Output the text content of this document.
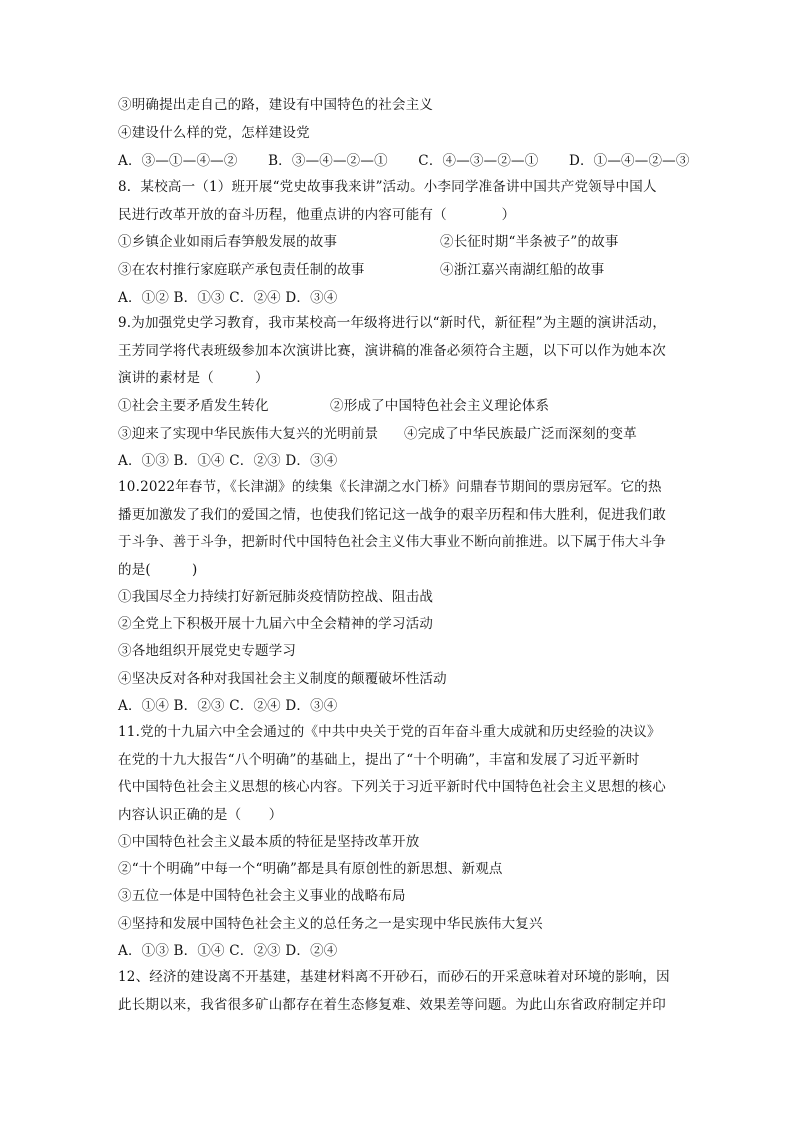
③明确提出走自己的路，建设有中国特色的社会主义
④建设什么样的党，怎样建设党
A．③—①—④—② B．③—④—②—① C．④—③—②—① D．①—④—②—③
8．某校高一（1）班开展“党史故事我来讲”活动。小李同学准备讲中国共产党领导中国人
民进行改革开放的奋斗历程，他重点讲的内容可能有（　　　　）
①乡镇企业如雨后春笋般发展的故事	②长征时期“半条被子”的故事
③在农村推行家庭联产承包责任制的故事	④浙江嘉兴南湖红船的故事
A．①② B．①③ C．②④ D．③④
9.为加强党史学习教育，我市某校高一年级将进行以“新时代，新征程”为主题的演讲活动，
王芳同学将代表班级参加本次演讲比赛，演讲稿的准备必须符合主题，以下可以作为她本次
演讲的素材是（　　　）
①社会主要矛盾发生转化	②形成了中国特色社会主义理论体系
③迎来了实现中华民族伟大复兴的光明前景 ④完成了中华民族最广泛而深刻的变革
A．①③ B．①④ C．②③ D．③④
10.2022年春节，《长津湖》的续集《长津湖之水门桥》问鼎春节期间的票房冠军。它的热
播更加激发了我们的爱国之情，也使我们铭记这一战争的艰辛历程和伟大胜利，促进我们敢
于斗争、善于斗争，把新时代中国特色社会主义伟大事业不断向前推进。以下属于伟大斗争
的是(　　　)
①我国尽全力持续打好新冠肺炎疫情防控战、阻击战
②全党上下积极开展十九届六中全会精神的学习活动
③各地组织开展党史专题学习
④坚决反对各种对我国社会主义制度的颠覆破坏性活动
A．①④ B．②③ C．②④ D．③④
11.党的十九届六中全会通过的《中共中央关于党的百年奋斗重大成就和历史经验的决议》
在党的十九大报告“八个明确”的基础上，提出了“十个明确”，丰富和发展了习近平新时
代中国特色社会主义思想的核心内容。下列关于习近平新时代中国特色社会主义思想的核心
内容认识正确的是（　　）
①中国特色社会主义最本质的特征是坚持改革开放
②“十个明确”中每一个“明确”都是具有原创性的新思想、新观点
③五位一体是中国特色社会主义事业的战略布局
④坚持和发展中国特色社会主义的总任务之一是实现中华民族伟大复兴
A．①③ B．①④ C．②③ D．②④
12、经济的建设离不开基建，基建材料离不开砂石，而砂石的开采意味着对环境的影响，因
此长期以来，我省很多矿山都存在着生态修复难、效果差等问题。为此山东省政府制定并印
